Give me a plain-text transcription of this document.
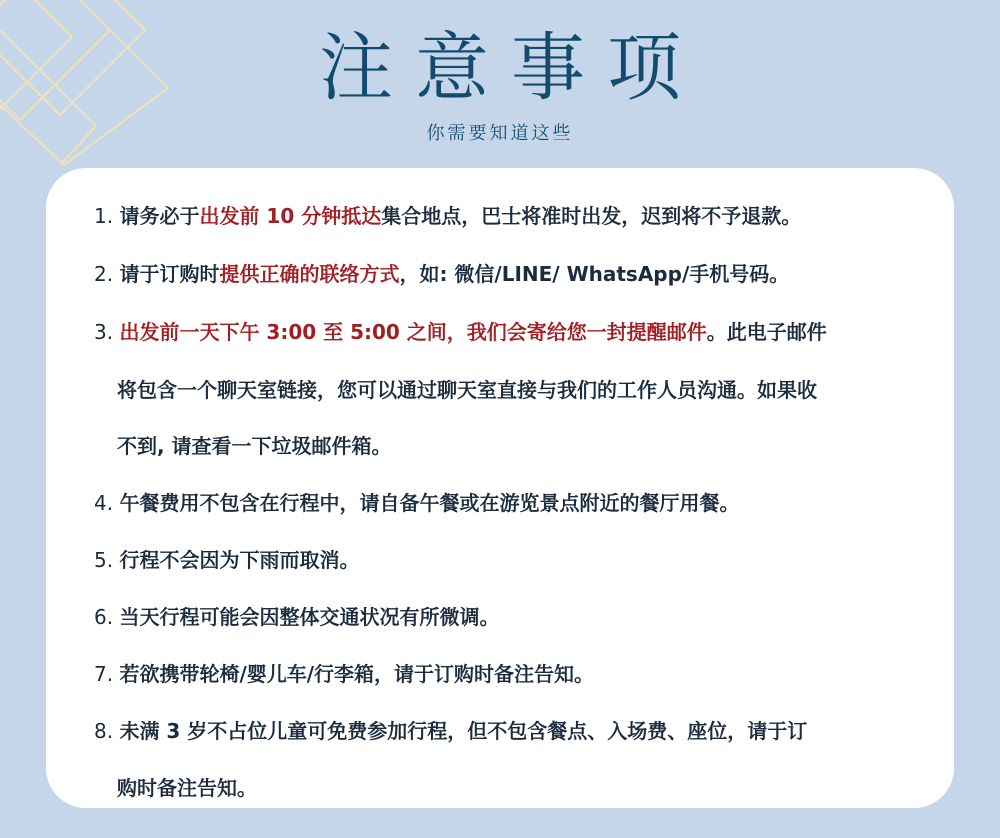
注意事项
你需要知道这些
1. 请务必于出发前 10 分钟抵达集合地点，巴士将准时出发，迟到将不予退款。
2. 请于订购时提供正确的联络方式，如: 微信/LINE/ WhatsApp/手机号码。
3. 出发前一天下午 3:00 至 5:00 之间，我们会寄给您一封提醒邮件。此电子邮件
将包含一个聊天室链接，您可以通过聊天室直接与我们的工作人员沟通。如果收
不到, 请查看一下垃圾邮件箱。
4. 午餐费用不包含在行程中，请自备午餐或在游览景点附近的餐厅用餐。
5. 行程不会因为下雨而取消。
6. 当天行程可能会因整体交通状况有所微调。
7. 若欲携带轮椅/婴儿车/行李箱，请于订购时备注告知。
8. 未满 3 岁不占位儿童可免费参加行程，但不包含餐点、入场费、座位，请于订
购时备注告知。
